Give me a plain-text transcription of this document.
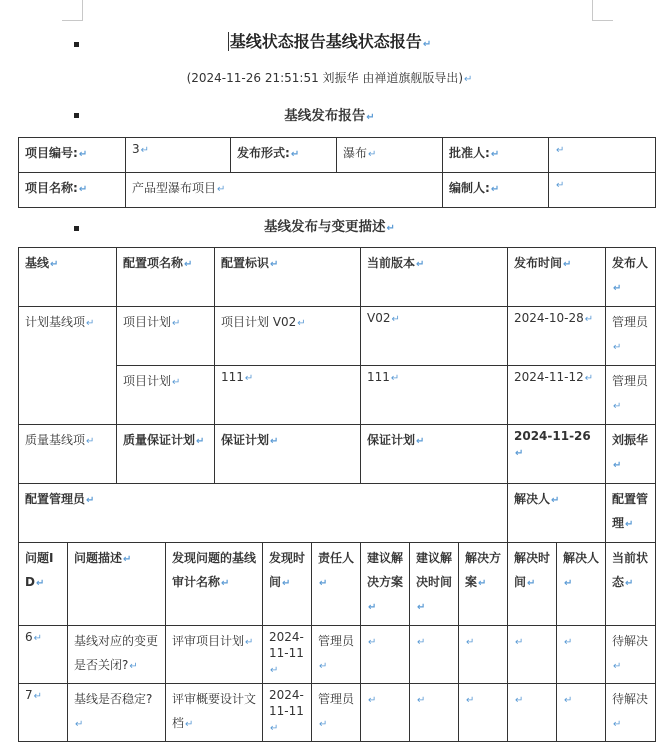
基线状态报告基线状态报告↵
(2024-11-26 21:51:51 刘振华 由禅道旗舰版导出)↵
基线发布报告↵
项目编号:↵	3↵	发布形式:↵	瀑布↵	批准人:↵	↵
项目名称:↵	产品型瀑布项目↵			编制人:↵	↵
基线发布与变更描述↵
基线↵	配置项名称↵	配置标识↵	当前版本↵	发布时间↵	发布人↵
计划基线项↵	项目计划↵	项目计划 V02↵	V02↵	2024-10-28↵	管理员↵
	项目计划↵	111↵	111↵	2024-11-12↵	管理员↵
质量基线项↵	质量保证计划↵	保证计划↵	保证计划↵	2024-11-26↵	刘振华↵
配置管理员↵				解决人↵	配置管理↵
问题ID↵	问题描述↵	发现问题的基线审计名称↵	发现时间↵	责任人↵	建议解决方案↵	建议解决时间↵	解决方案↵	解决时间↵	解决人↵	当前状态↵
6↵	基线对应的变更是否关闭?↵	评审项目计划↵	2024-11-11↵	管理员↵	↵	↵	↵	↵	↵	待解决↵
7↵	基线是否稳定?↵	评审概要设计文档↵	2024-11-11↵	管理员↵	↵	↵	↵	↵	↵	待解决↵
